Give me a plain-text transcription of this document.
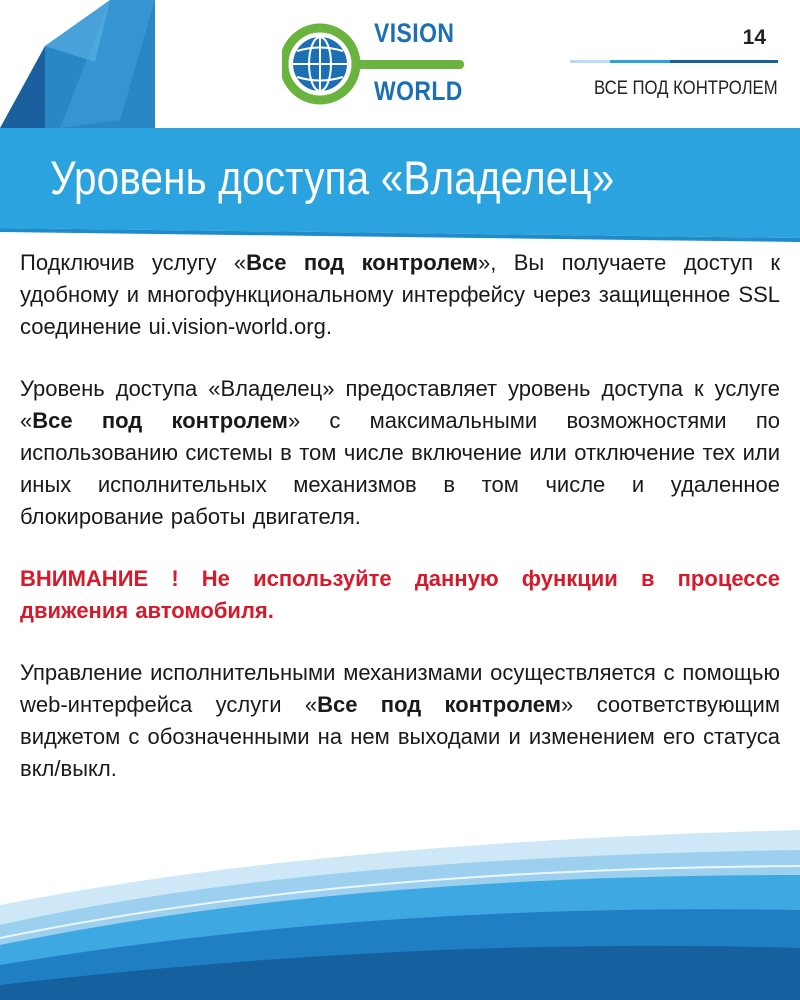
VISION
WORLD
14
ВСЕ ПОД КОНТРОЛЕМ
Уровень доступа «Владелец»

Подключив услугу «Все под контролем», Вы получаете доступ к удобному и многофункциональному интерфейсу через защищенное SSL соединение ui.vision-world.org.

Уровень доступа «Владелец» предоставляет уровень доступа к услуге «Все под контролем» с максимальными возможностями по использованию системы в том числе включение или отключение тех или иных исполнительных механизмов в том числе и удаленное блокирование работы двигателя.

ВНИМАНИЕ ! Не используйте данную функции в процессе движения автомобиля.

Управление исполнительными механизмами осуществляется с помощью web-интерфейса услуги «Все под контролем» соответствующим виджетом с обозначенными на нем выходами и изменением его статуса вкл/выкл.
